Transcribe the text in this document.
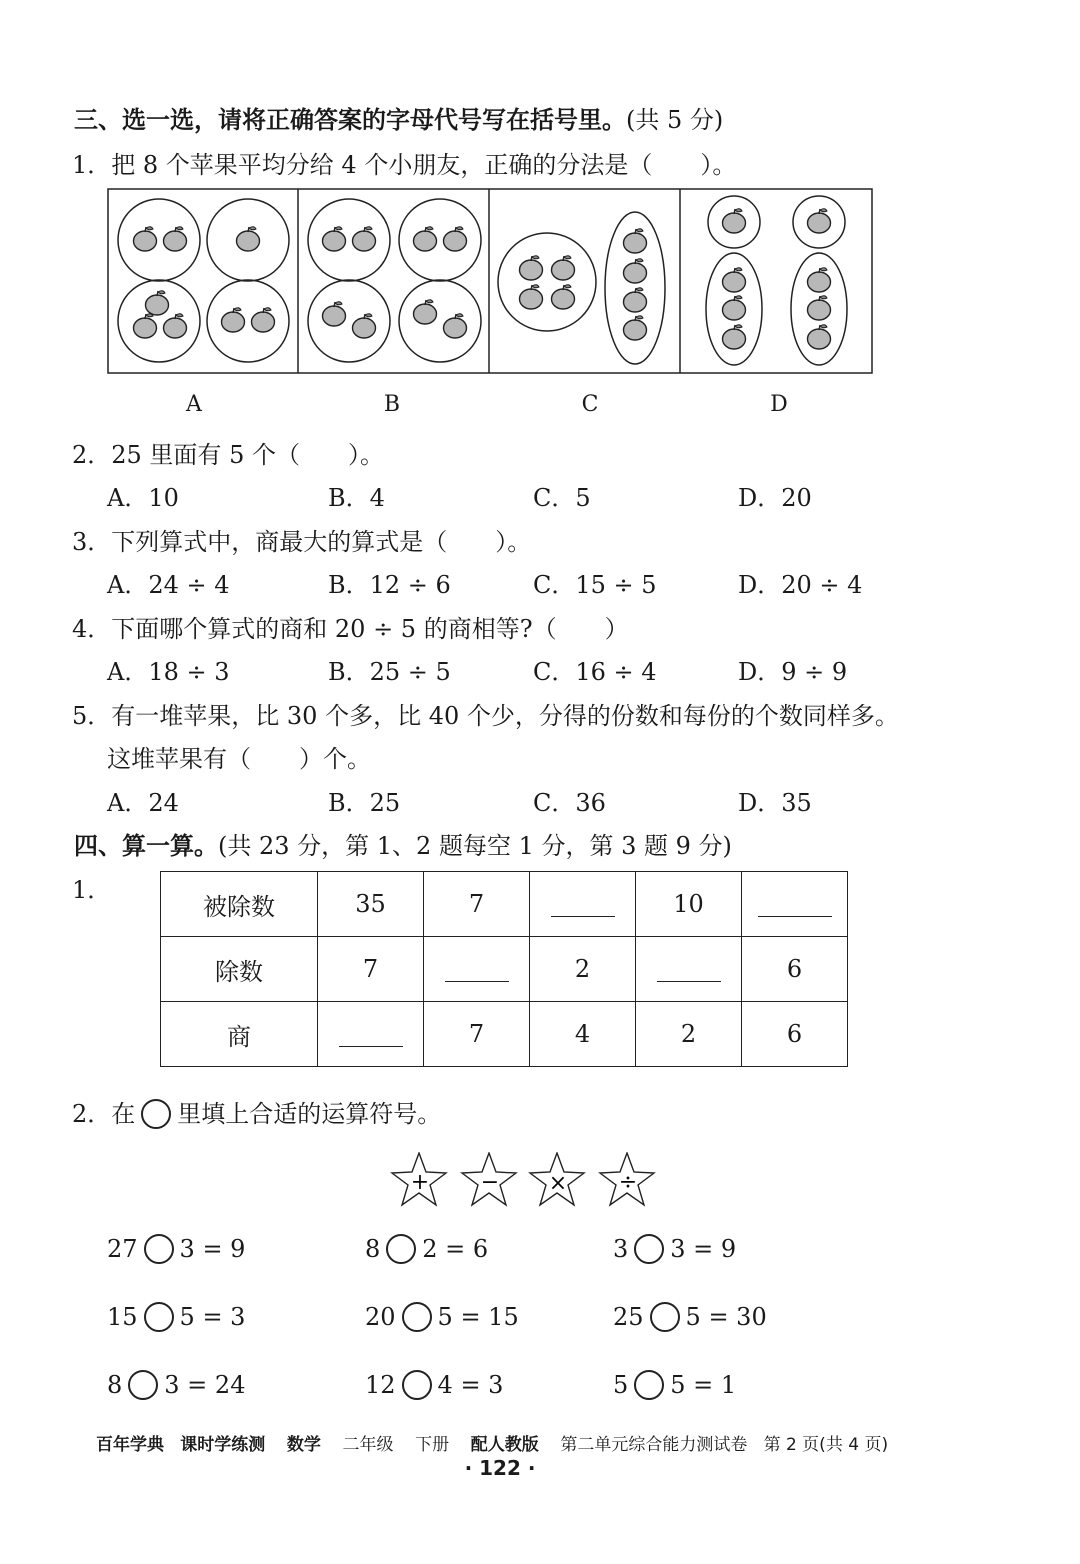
三、选一选，请将正确答案的字母代号写在括号里。(共 5 分)
1．把 8 个苹果平均分给 4 个小朋友，正确的分法是（　　）。
A	B	C	D
2．25 里面有 5 个（　　）。
A．10	B．4	C．5	D．20
3．下列算式中，商最大的算式是（　　）。
A．24 ÷ 4	B．12 ÷ 6	C．15 ÷ 5	D．20 ÷ 4
4．下面哪个算式的商和 20 ÷ 5 的商相等?（　　）
A．18 ÷ 3	B．25 ÷ 5	C．16 ÷ 4	D．9 ÷ 9
5．有一堆苹果，比 30 个多，比 40 个少，分得的份数和每份的个数同样多。
这堆苹果有（　　）个。
A．24	B．25	C．36	D．35
四、算一算。(共 23 分，第 1、2 题每空 1 分，第 3 题 9 分)
1．
被除数	35	7		10	

除数	7		2		6
商		7	4	2	6
2．在 里填上合适的运算符号。
+ − × ÷
27 3 = 9	8 2 = 6	3 3 = 9
15 5 = 3	20 5 = 15	25 5 = 30
8 3 = 24	12 4 = 3	5 5 = 1
百年学典 课时学练测 数学 二年级 下册 配人教版 第二单元综合能力测试卷 第 2 页(共 4 页)
· 122 ·
